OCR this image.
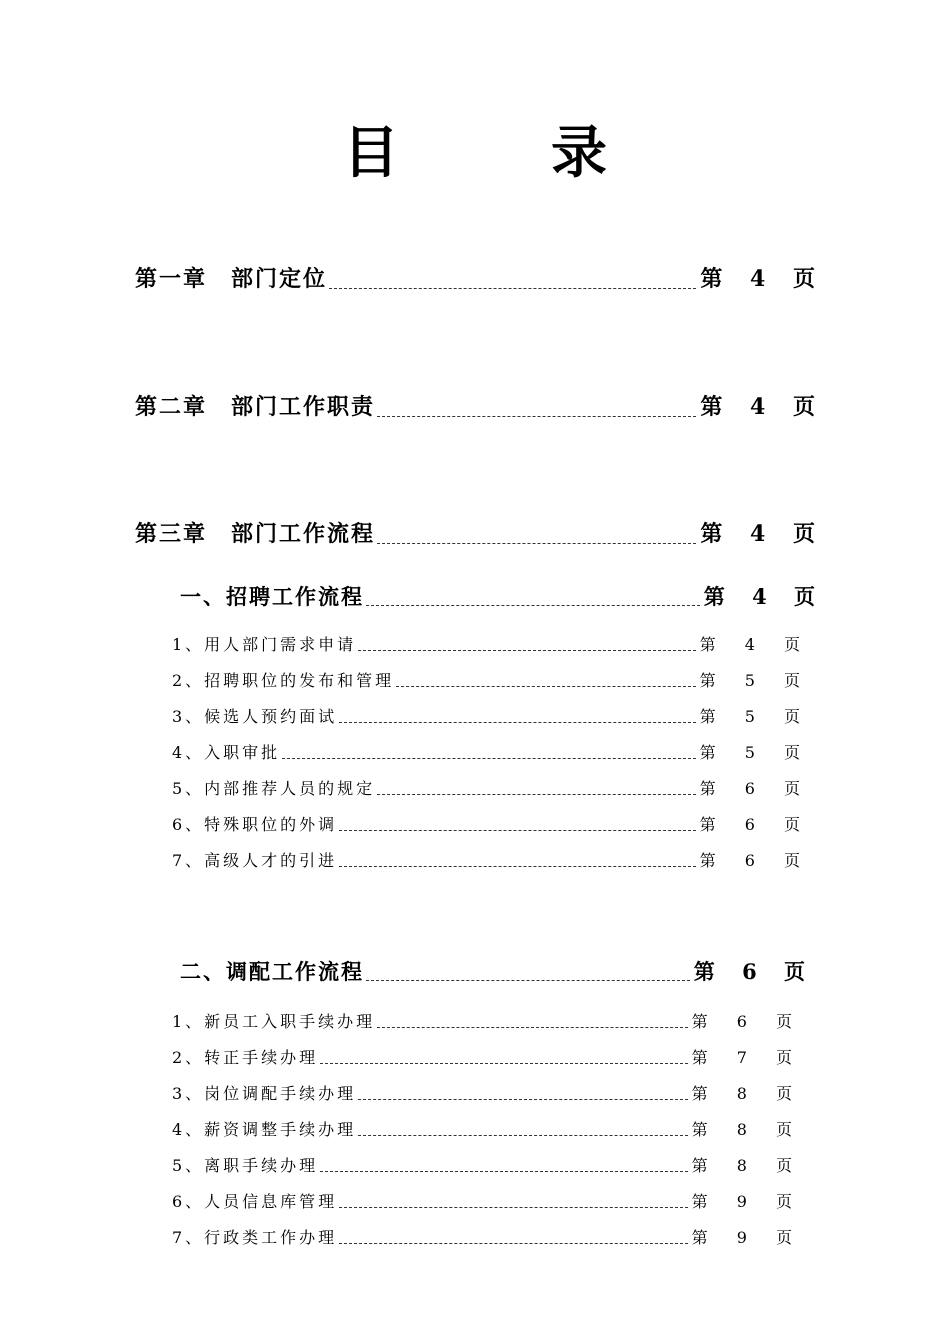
目　录
第一章　部门定位	第 4 页
第二章　部门工作职责	第 4 页
第三章　部门工作流程	第 4 页
一、招聘工作流程	第 4 页
1、用人部门需求申请	第 4 页
2、招聘职位的发布和管理	第 5 页
3、候选人预约面试	第 5 页
4、入职审批	第 5 页
5、内部推荐人员的规定	第 6 页
6、特殊职位的外调	第 6 页
7、高级人才的引进	第 6 页
二、调配工作流程	第 6 页
1、新员工入职手续办理	第 6 页
2、转正手续办理	第 7 页
3、岗位调配手续办理	第 8 页
4、薪资调整手续办理	第 8 页
5、离职手续办理	第 8 页
6、人员信息库管理	第 9 页
7、行政类工作办理	第 9 页
